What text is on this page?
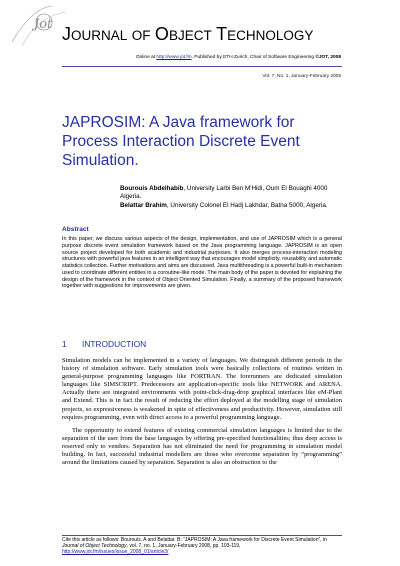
Jot JOURNAL OF OBJECT TECHNOLOGY
Online at http://www.jot.fm. Published by ETH Zurich, Chair of Software Engineering ©JOT, 2008
Vol. 7, No. 1, January-February 2008
JAPROSIM: A Java framework for Process Interaction Discrete Event Simulation.
Bourouis Abdelhabib, University Larbi Ben M'Hidi, Oum El Bouaghi 4000 Algeria.
Belattar Brahim, University Colonel El Hadj Lakhdar, Batna 5000, Algeria.
Abstract
In this paper, we discuss various aspects of the design, implementation, and use of JAPROSIM which is a general purpose discrete event simulation framework based on the Java programming language. JAPROSIM is an open source project developed for both academic and industrial purposes. It also merges process-interaction modeling structures with powerful java features in an intelligent way that encourages model simplicity, reusability and automatic statistics collection. Further motivations and aims are discussed. Java multithreading is a powerful built-in mechanism used to coordinate different entities in a coroutine-like mode. The main body of the paper is devoted for explaining the design of the framework in the context of Object Oriented Simulation. Finally, a summary of the proposed framework together with suggestions for improvements are given.
1 INTRODUCTION

Simulation models can be implemented in a variety of languages. We distinguish different periods in the history of simulation software. Early simulation tools were basically collections of routines written in general-purpose programming languages like FORTRAN. The forerunners are dedicated simulation languages like SIMSCRIPT. Predecessors are application-specific tools like NETWORK and ARENA. Actually there are integrated environments with point-click-drag-drop graphical interfaces like eM-Plant and Extend. This is in fact the result of reducing the effort deployed at the modelling stage of simulation projects, so expressiveness is weakened in spite of effectiveness and productivity. However, simulation still requires programming, even with direct access to a powerful programming language.

The opportunity to extend features of existing commercial simulation languages is limited due to the separation of the user from the base languages by offering pre-specified functionalities; thus deep access is reserved only to vendors. Separation has not eliminated the need for programming in simulation model building. In fact, successful industrial modellers are those who overcome separation by “programming” around the limitations caused by separation. Separation is also an obstruction to the

Cite this article as follows: Bourouis. A and Belattar. B: “JAPROSIM: A Java framework for Discrete Event Simulation”, in Journal of Object Technology, vol. 7, no. 1, January-February 2008, pp. 103-119, http://www.jot.fm/issues/issue_2008_01/article3/
